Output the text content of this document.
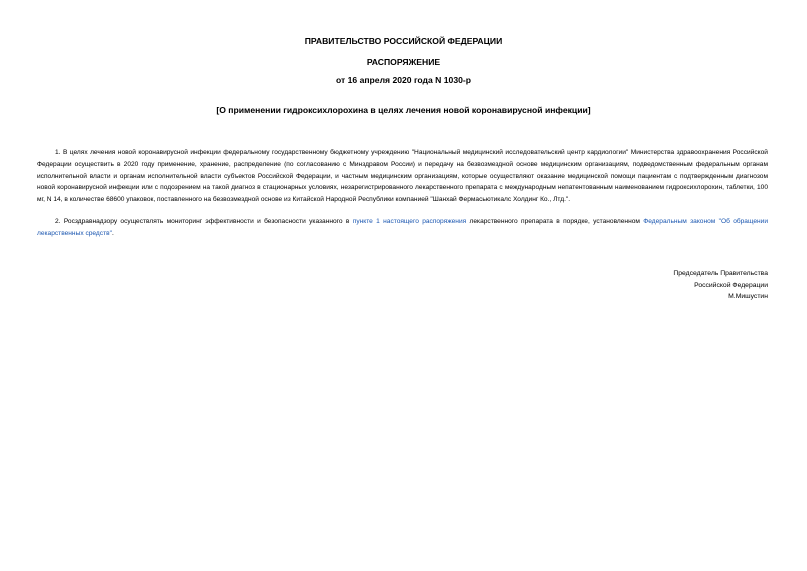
ПРАВИТЕЛЬСТВО РОССИЙСКОЙ ФЕДЕРАЦИИ
РАСПОРЯЖЕНИЕ
от 16 апреля 2020 года N 1030-р
[О применении гидроксихлорохина в целях лечения новой коронавирусной инфекции]

1. В целях лечения новой коронавирусной инфекции федеральному государственному бюджетному учреждению "Национальный медицинский исследовательский центр кардиологии" Министерства здравоохранения Российской Федерации осуществить в 2020 году применение, хранение, распределение (по согласованию с Минздравом России) и передачу на безвозмездной основе медицинским организациям, подведомственным федеральным органам исполнительной власти и органам исполнительной власти субъектов Российской Федерации, и частным медицинским организациям, которые осуществляют оказание медицинской помощи пациентам с подтвержденным диагнозом новой коронавирусной инфекции или с подозрением на такой диагноз в стационарных условиях, незарегистрированного лекарственного препарата с международным непатентованным наименованием гидроксихлорохин, таблетки, 100 мг, N 14, в количестве 68600 упаковок, поставленного на безвозмездной основе из Китайской Народной Республики компанией "Шанхай Фермасьютикалс Холдинг Ко., Лтд.".

2. Росздравнадзору осуществлять мониторинг эффективности и безопасности указанного в пункте 1 настоящего распоряжения лекарственного препарата в порядке, установленном Федеральным законом "Об обращении лекарственных средств".

Председатель Правительства
Российской Федерации
М.Мишустин
